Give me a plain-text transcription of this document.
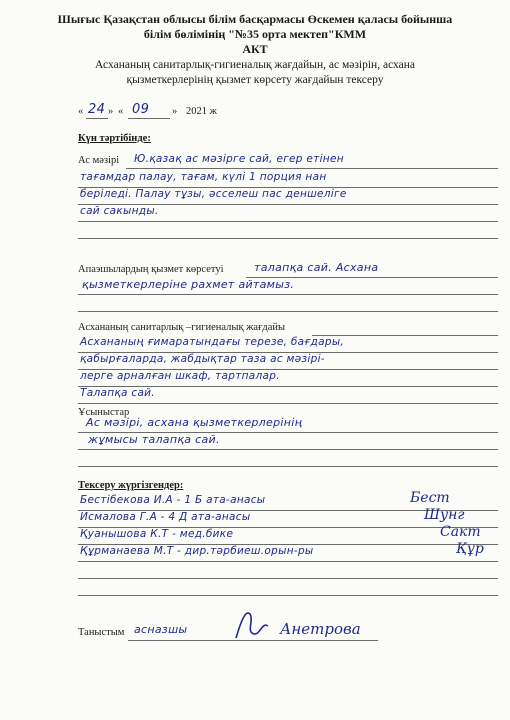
Шығыс Қазақстан облысы білім басқармасы Өскемен қаласы бойынша
білім бөлімінің "№35 орта мектеп"КММ
АКТ
Асхананың санитарлық-гигиеналық жағдайын, ас мәзірін, асхана
қызметкерлерінің қызмет көрсету жағдайын тексеру
« 24 » « 09 » 2021 ж
Күн тәртібінде:
Ас мәзірі Ю.қазақ ас мәзірге сай, егер етінен
тағамдар палау, тағам, күлі 1 порция нан
беріледі. Палау тұзы, әсселеш пас деншеліге
сай сакынды.
Апаэшылардың қызмет көрсетуі	талапқа сай. Асхана
қызметкерлеріне рахмет айтамыз.
Асхананың санитарлық –гигиеналық жағдайы
Асхананың ғимаратындағы терезе, бағдары,
қабырғаларда, жабдықтар таза ас мәзірі-
лерге арналған шкаф, тартпалар.
Талапқа сай.
Ұсыныстар
Ас мәзірі, асхана қызметкерлерінің
жұмысы талапқа сай.
Тексеру жүргізгендер:
Бестібекова И.А - 1 Б ата-анасы	Бест
Исмалова Г.А - 4 Д ата-анасы	Шунг
Қуанышова К.Т - мед.бике	Сакт
Құрманаева М.Т - дир.тәрбиеш.орын-ры	Құр
Таныстым асназшы	Анетровa
